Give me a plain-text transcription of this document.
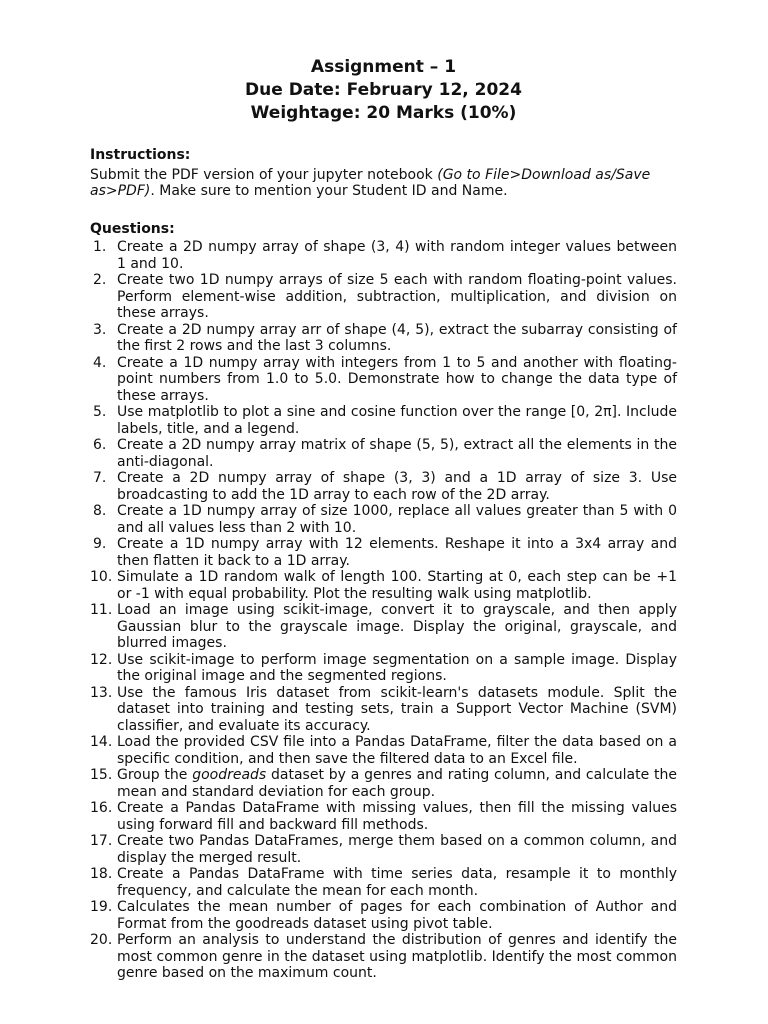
Assignment – 1
Due Date: February 12, 2024
Weightage: 20 Marks (10%)

Instructions:

Submit the PDF version of your jupyter notebook (Go to File>Download as/Save as>PDF). Make sure to mention your Student ID and Name.

Questions:

1. Create a 2D numpy array of shape (3, 4) with random integer values between 1 and 10.
2. Create two 1D numpy arrays of size 5 each with random floating-point values. Perform element-wise addition, subtraction, multiplication, and division on these arrays.
3. Create a 2D numpy array arr of shape (4, 5), extract the subarray consisting of the first 2 rows and the last 3 columns.
4. Create a 1D numpy array with integers from 1 to 5 and another with floating-point numbers from 1.0 to 5.0. Demonstrate how to change the data type of these arrays.
5. Use matplotlib to plot a sine and cosine function over the range [0, 2π]. Include labels, title, and a legend.
6. Create a 2D numpy array matrix of shape (5, 5), extract all the elements in the anti-diagonal.
7. Create a 2D numpy array of shape (3, 3) and a 1D array of size 3. Use broadcasting to add the 1D array to each row of the 2D array.
8. Create a 1D numpy array of size 1000, replace all values greater than 5 with 0 and all values less than 2 with 10.
9. Create a 1D numpy array with 12 elements. Reshape it into a 3x4 array and then flatten it back to a 1D array.
10. Simulate a 1D random walk of length 100. Starting at 0, each step can be +1 or -1 with equal probability. Plot the resulting walk using matplotlib.
11. Load an image using scikit-image, convert it to grayscale, and then apply Gaussian blur to the grayscale image. Display the original, grayscale, and blurred images.
12. Use scikit-image to perform image segmentation on a sample image. Display the original image and the segmented regions.
13. Use the famous Iris dataset from scikit-learn's datasets module. Split the dataset into training and testing sets, train a Support Vector Machine (SVM) classifier, and evaluate its accuracy.
14. Load the provided CSV file into a Pandas DataFrame, filter the data based on a specific condition, and then save the filtered data to an Excel file.
15. Group the goodreads dataset by a genres and rating column, and calculate the mean and standard deviation for each group.
16. Create a Pandas DataFrame with missing values, then fill the missing values using forward fill and backward fill methods.
17. Create two Pandas DataFrames, merge them based on a common column, and display the merged result.
18. Create a Pandas DataFrame with time series data, resample it to monthly frequency, and calculate the mean for each month.
19. Calculates the mean number of pages for each combination of Author and Format from the goodreads dataset using pivot table.
20. Perform an analysis to understand the distribution of genres and identify the most common genre in the dataset using matplotlib. Identify the most common genre based on the maximum count.
